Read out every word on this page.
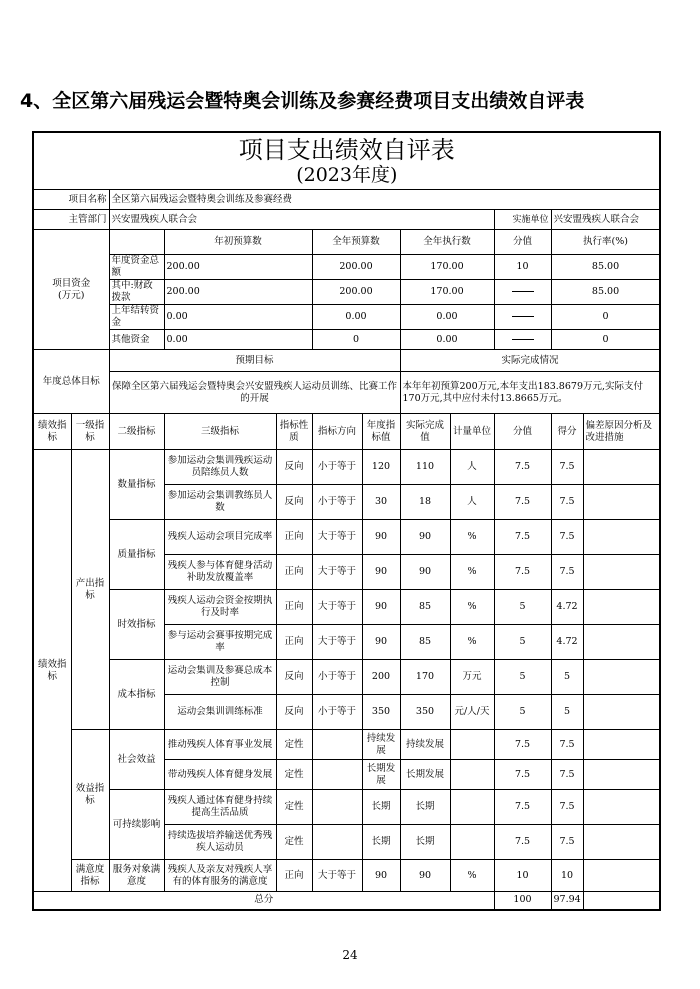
4、全区第六届残运会暨特奥会训练及参赛经费项目支出绩效自评表
项目支出绩效自评表
(2023年度)												

项目名称		全区第六届残运会暨特奥会训练及参赛经费										
主管部门		兴安盟残疾人联合会							实施单位	兴安盟残疾人联合会		
项目资金
(万元)			年初预算数		全年预算数		全年执行数		分值	执行率(%)	

		年度资金总额	200.00		200.00		170.00		10	85.00	

		其中:财政拨款	200.00		200.00		170.00			85.00		

		上年结转资金	0.00		0.00		0.00			0		

		其他资金	0.00		0		0.00			0		
年度总体目标		预期目标					实际完成情况					
		保障全区第六届残运会暨特奥会兴安盟残疾人运动员训练、比赛工作的开展					本年年初预算200万元,本年支出183.8679万元,实际支付170万元,其中应付未付13.8665万元。					
绩效指标	一级指标	二级指标	三级指标	指标性质	指标方向	年度指标值	实际完成值	计量单位	分值	得分	偏差原因分析及改进措施	

绩效指标	产出指标	数量指标	参加运动会集训残疾运动员陪练员人数	反向	小于等于	120	110	人	7.5	7.5		

			参加运动会集训教练员人数	反向	小于等于	30	18	人	7.5	7.5		
		质量指标	残疾人运动会项目完成率	正向	大于等于	90	90	%	7.5	7.5		

			残疾人参与体育健身活动补助发放覆盖率	正向	大于等于	90	90	%	7.5	7.5		
		时效指标	残疾人运动会资金按期执行及时率	正向	大于等于	90	85	%	5	4.72		

			参与运动会赛事按期完成率	正向	大于等于	90	85	%	5	4.72		
		成本指标	运动会集训及参赛总成本控制	反向	小于等于	200	170	万元	5	5		

			运动会集训训练标准	反向	小于等于	350	350	元/人/天	5	5		
	效益指标	社会效益	推动残疾人体育事业发展	定性		持续发展	持续发展		7.5	7.5		

			带动残疾人体育健身发展	定性		长期发展	长期发展		7.5	7.5		
		可持续影响	残疾人通过体育健身持续提高生活品质	定性		长期	长期		7.5	7.5		

			持续选拔培养输送优秀残疾人运动员	定性		长期	长期		7.5	7.5		
	满意度指标	服务对象满意度	残疾人及亲友对残疾人享有的体育服务的满意度	正向	大于等于	90	90	%	10	10		
总分									100	97.94		
24
